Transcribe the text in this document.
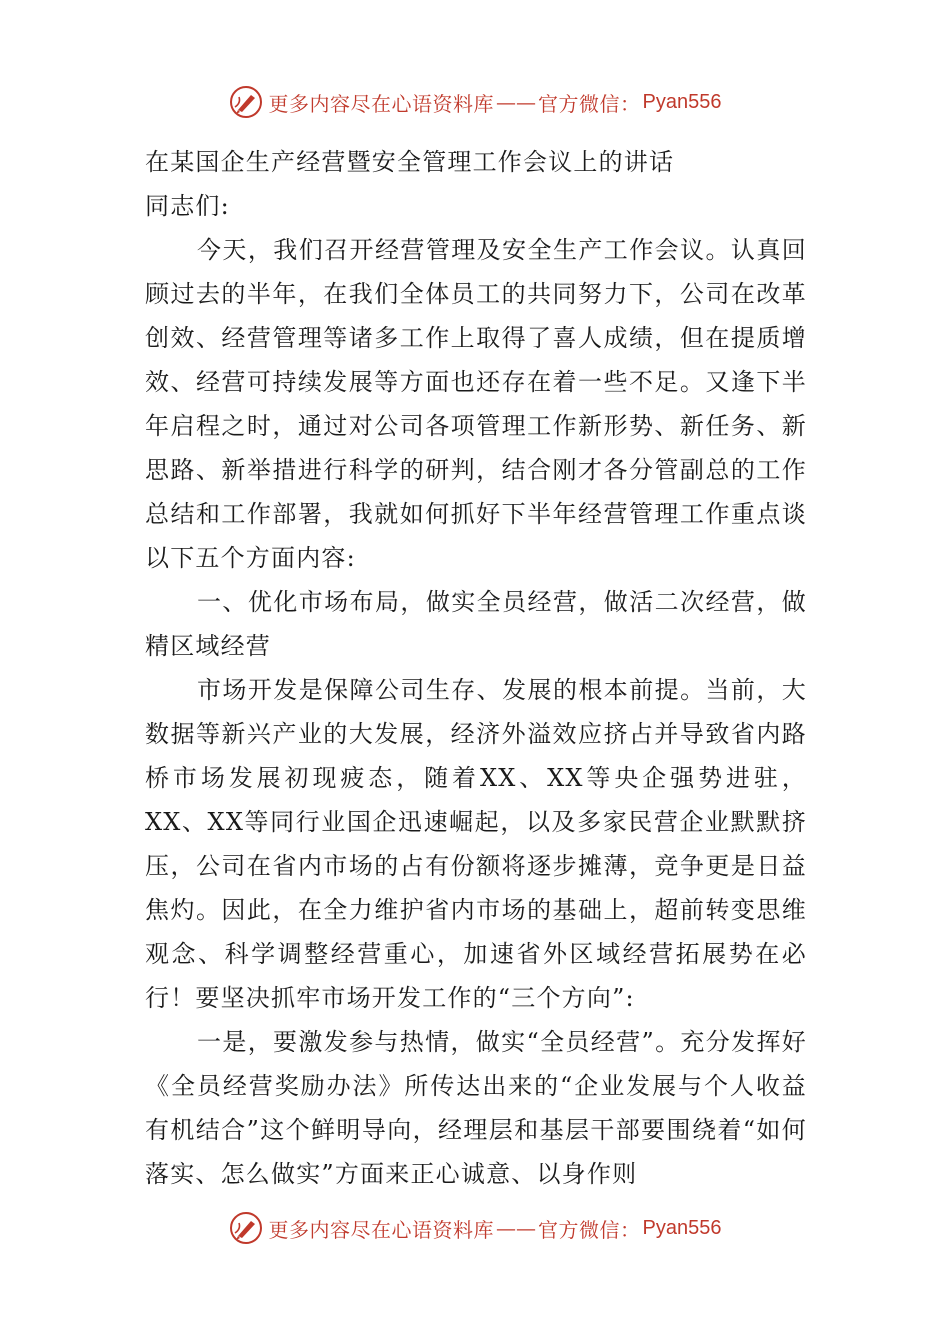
更多内容尽在心语资料库 —— 官方微信： Pyan556

在某国企生产经营暨安全管理工作会议上的讲话

同志们:

今天，我们召开经营管理及安全生产工作会议。认真回顾过去的半年，在我们全体员工的共同努力下，公司在改革创效、经营管理等诸多工作上取得了喜人成绩，但在提质增效、经营可持续发展等方面也还存在着一些不足。又逢下半年启程之时，通过对公司各项管理工作新形势、新任务、新思路、新举措进行科学的研判，结合刚才各分管副总的工作总结和工作部署，我就如何抓好下半年经营管理工作重点谈以下五个方面内容:

一、优化市场布局，做实全员经营，做活二次经营，做精区域经营

市场开发是保障公司生存、发展的根本前提。当前，大数据等新兴产业的大发展，经济外溢效应挤占并导致省内路桥市场发展初现疲态，随着XX、XX等央企强势进驻，XX、XX等同行业国企迅速崛起，以及多家民营企业默默挤压，公司在省内市场的占有份额将逐步摊薄，竞争更是日益焦灼。因此，在全力维护省内市场的基础上，超前转变思维观念、科学调整经营重心，加速省外区域经营拓展势在必行！要坚决抓牢市场开发工作的“三个方向”:

一是，要激发参与热情，做实“全员经营”。充分发挥好《全员经营奖励办法》所传达出来的“企业发展与个人收益有机结合”这个鲜明导向，经理层和基层干部要围绕着“如何落实、怎么做实”方面来正心诚意、以身作则

更多内容尽在心语资料库 —— 官方微信： Pyan556
